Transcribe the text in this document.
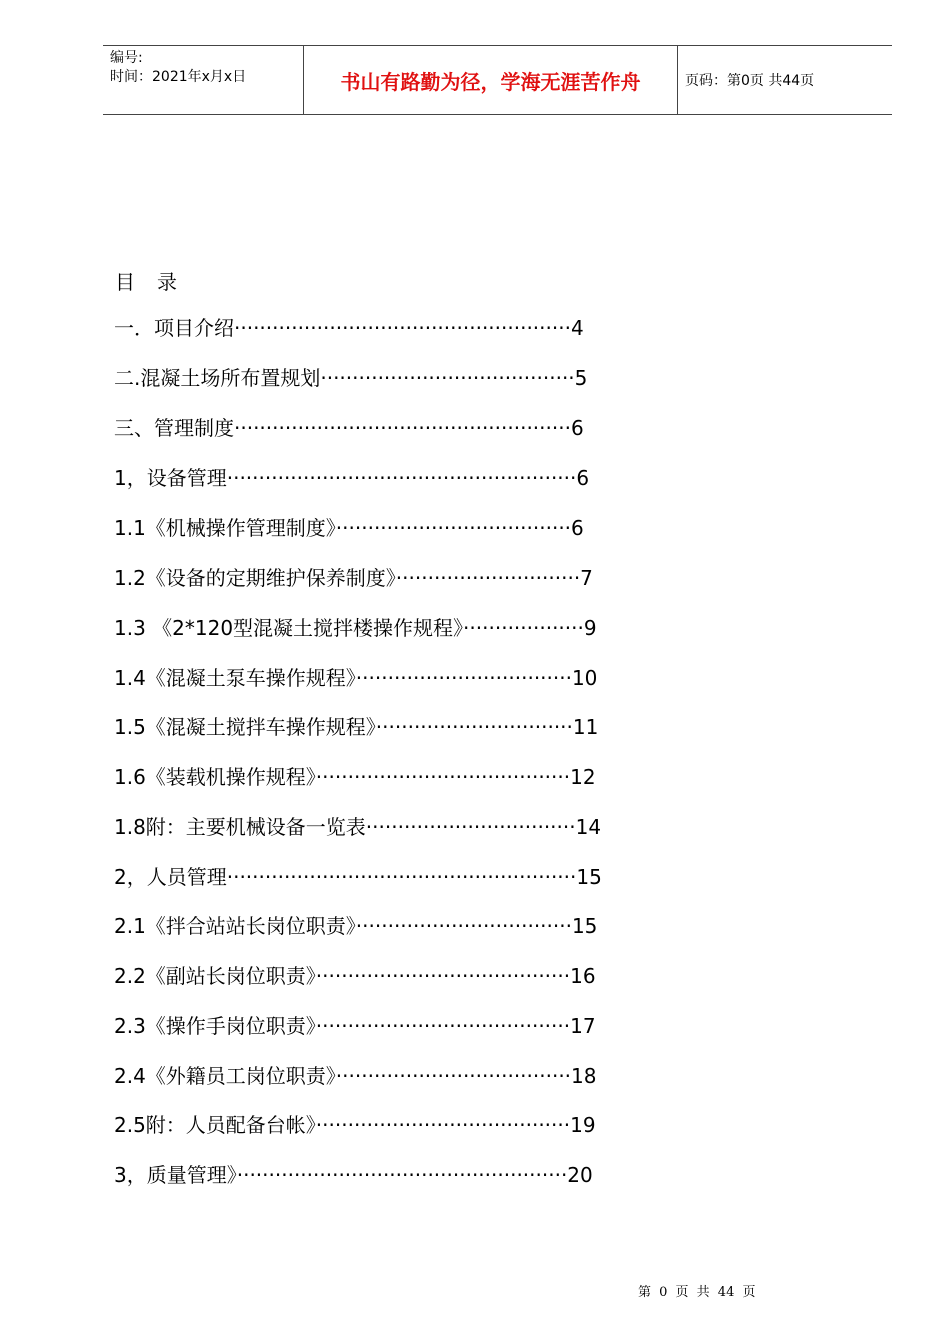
编号:
时间：2021年x月x日	书山有路勤为径，学海无涯苦作舟	页码：第0页 共44页
目录
一．项目介绍·····················································4
二.混凝土场所布置规划········································5
三、管理制度·····················································6
1，设备管理·······················································6
1.1《机械操作管理制度》·····································6
1.2《设备的定期维护保养制度》·····························7
1.3 《2*120型混凝土搅拌楼操作规程》···················9
1.4《混凝土泵车操作规程》··································10
1.5《混凝土搅拌车操作规程》·······························11
1.6《装载机操作规程》········································12
1.8附：主要机械设备一览表·································14
2，人员管理·······················································15
2.1《拌合站站长岗位职责》··································15
2.2《副站长岗位职责》········································16
2.3《操作手岗位职责》········································17
2.4《外籍员工岗位职责》·····································18
2.5附：人员配备台帐》········································19
3，质量管理》····················································20
第 0 页 共 44 页
